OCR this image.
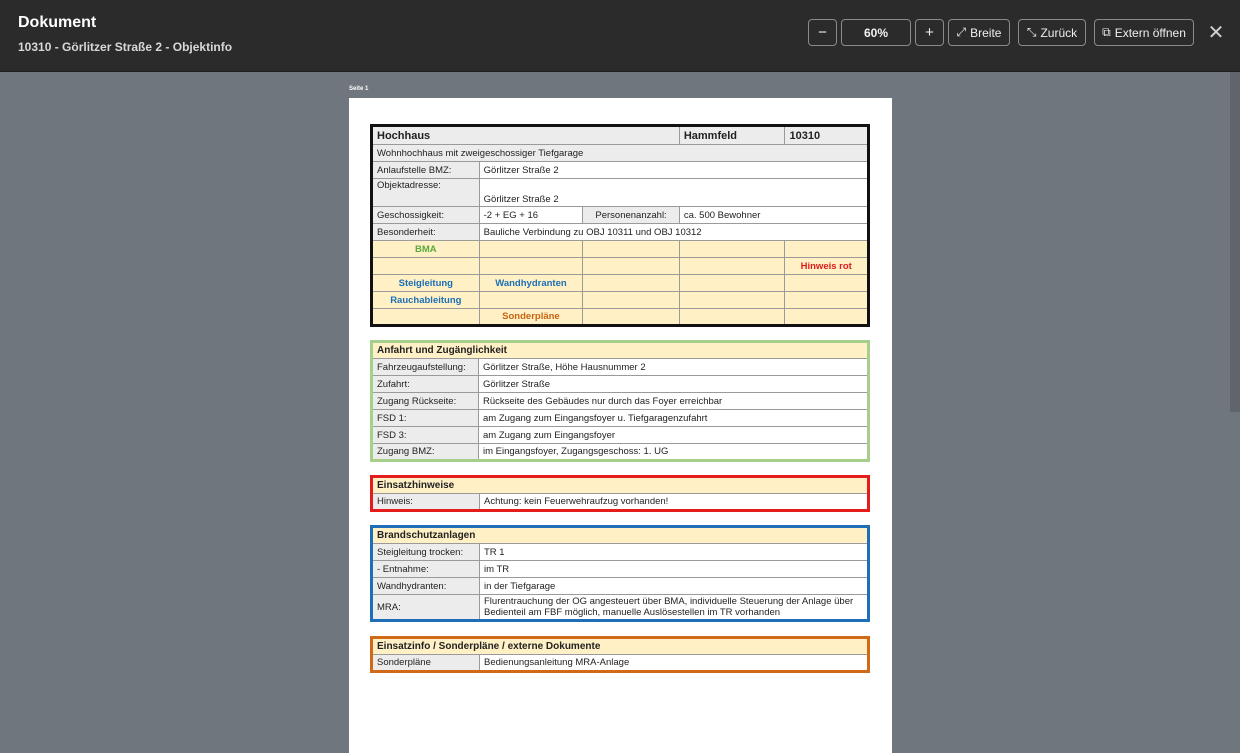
Dokument
10310 - Görlitzer Straße 2 - Objektinfo
−	60% + ⤢ Breite ⤡ Zurück ⧉ Extern öffnen ✕
Seite 1
Hochhaus			Hammfeld	10310
Wohnhochhaus mit zweigeschossiger Tiefgarage				
Anlaufstelle BMZ:	Görlitzer Straße 2			
Objektadresse:	Görlitzer Straße 2			
Geschossigkeit:	-2 + EG + 16	Personenanzahl:	ca. 500 Bewohner	
Besonderheit:	Bauliche Verbindung zu OBJ 10311 und OBJ 10312			
BMA				
				Hinweis rot
Steigleitung	Wandhydranten			
Rauchableitung				
	Sonderpläne			
Anfahrt und Zugänglichkeit	
Fahrzeugaufstellung:	Görlitzer Straße, Höhe Hausnummer 2
Zufahrt:	Görlitzer Straße
Zugang Rückseite:	Rückseite des Gebäudes nur durch das Foyer erreichbar
FSD 1:	am Zugang zum Eingangsfoyer u. Tiefgaragenzufahrt
FSD 3:	am Zugang zum Eingangsfoyer
Zugang BMZ:	im Eingangsfoyer, Zugangsgeschoss: 1. UG
Einsatzhinweise
Hinweis:	Achtung: kein Feuerwehraufzug vorhanden!
Brandschutzanlagen	
Steigleitung trocken:	TR 1
- Entnahme:	im TR
Wandhydranten:	in der Tiefgarage
MRA:	Flurentrauchung der OG angesteuert über BMA, individuelle Steuerung der Anlage über Bedienteil am FBF möglich, manuelle Auslösestellen im TR vorhanden
Einsatzinfo / Sonderpläne / externe Dokumente
Sonderpläne	Bedienungsanleitung MRA-Anlage
